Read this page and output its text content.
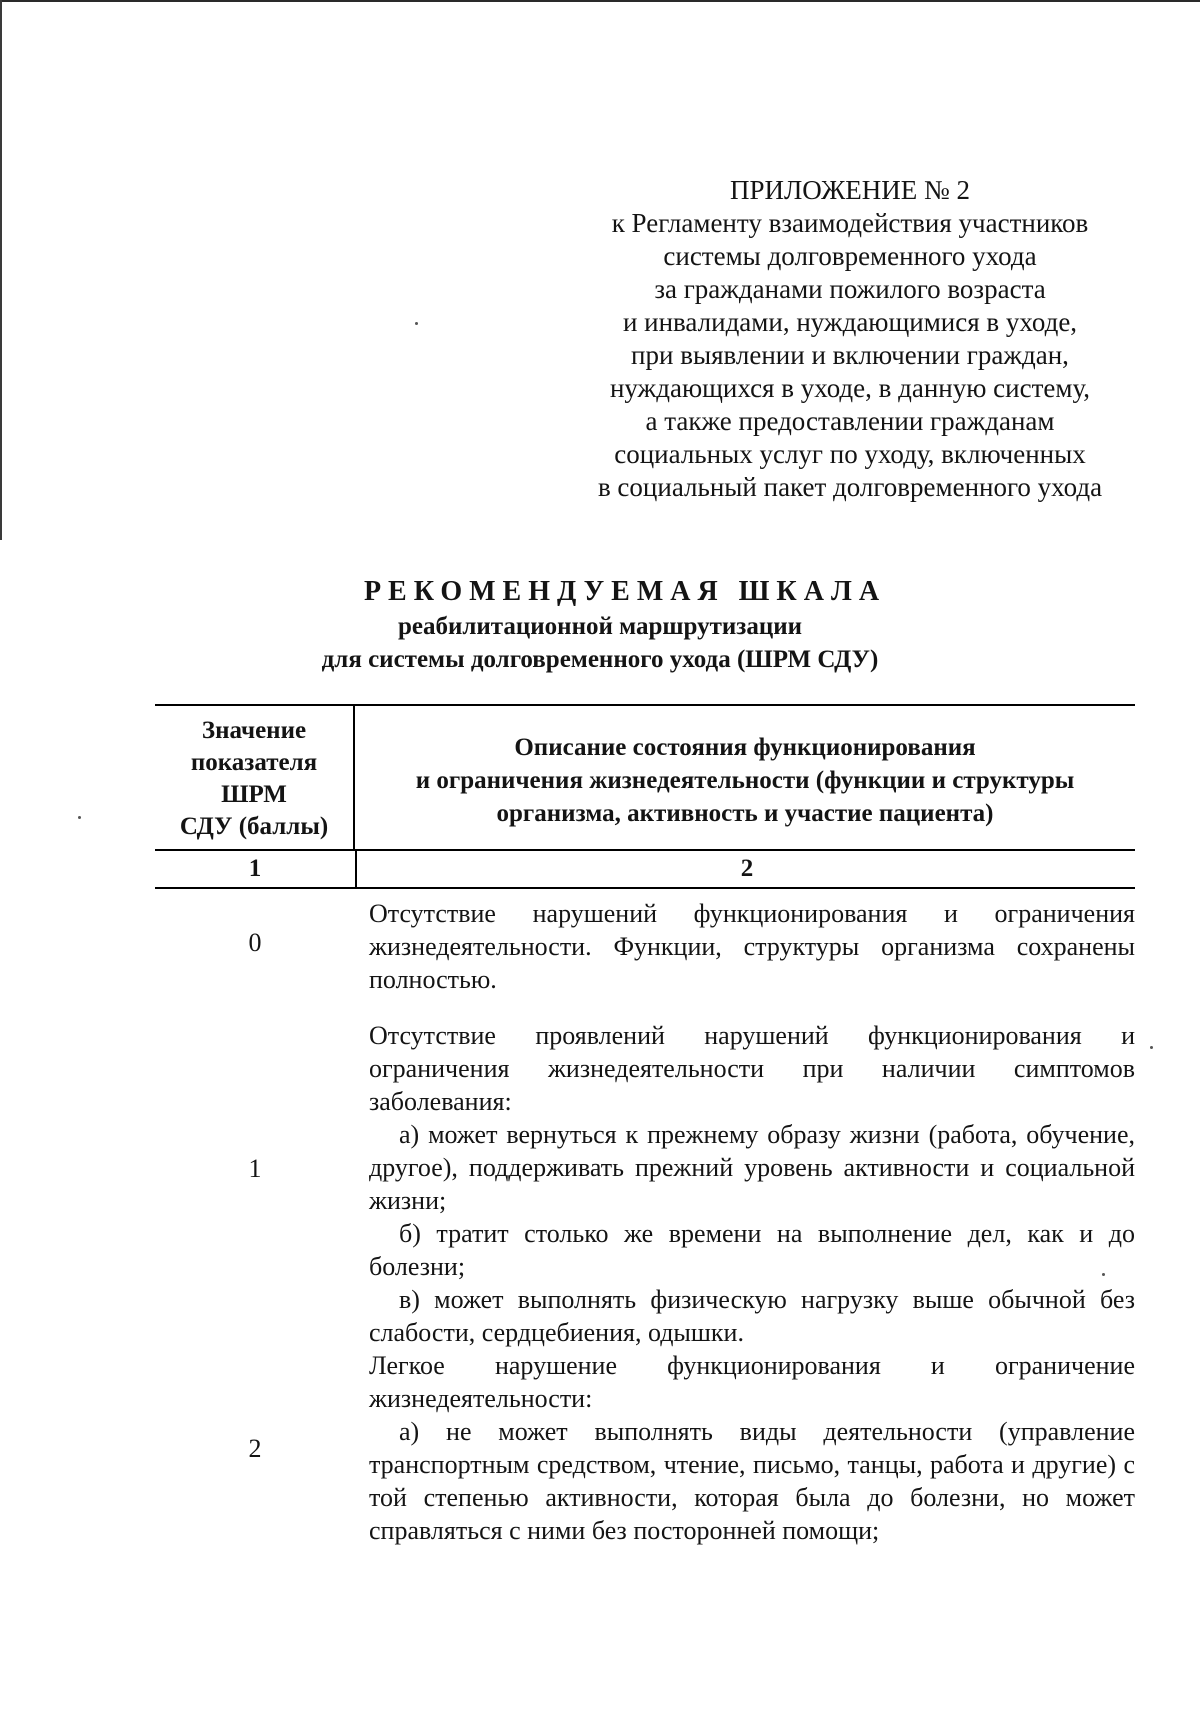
ПРИЛОЖЕНИЕ № 2
к Регламенту взаимодействия участников
системы долговременного ухода
за гражданами пожилого возраста
и инвалидами, нуждающимися в уходе,
при выявлении и включении граждан,
нуждающихся в уходе, в данную систему,
а также предоставлении гражданам
социальных услуг по уходу, включенных
в социальный пакет долговременного ухода
РЕКОМЕНДУЕМАЯ ШКАЛА
реабилитационной маршрутизации
для системы долговременного ухода (ШРМ СДУ)
Значение
показателя
ШРМ
СДУ (баллы)
Описание состояния функционирования
и ограничения жизнедеятельности (функции и структуры
организма, активность и участие пациента)
1	2
0

Отсутствие нарушений функционирования и ограничения жизнедеятельности. Функции, структуры организма сохранены полностью.

1

Отсутствие проявлений нарушений функционирования и ограничения жизнедеятельности при наличии симптомов заболевания:

а) может вернуться к прежнему образу жизни (работа, обучение, другое), поддерживать прежний уровень активности и социальной жизни;

б) тратит столько же времени на выполнение дел, как и до болезни;

в) может выполнять физическую нагрузку выше обычной без слабости, сердцебиения, одышки.

2

Легкое нарушение функционирования и ограничение жизнедеятельности:

а) не может выполнять виды деятельности (управление транспортным средством, чтение, письмо, танцы, работа и другие) с той степенью активности, которая была до болезни, но может справляться с ними без посторонней помощи;
